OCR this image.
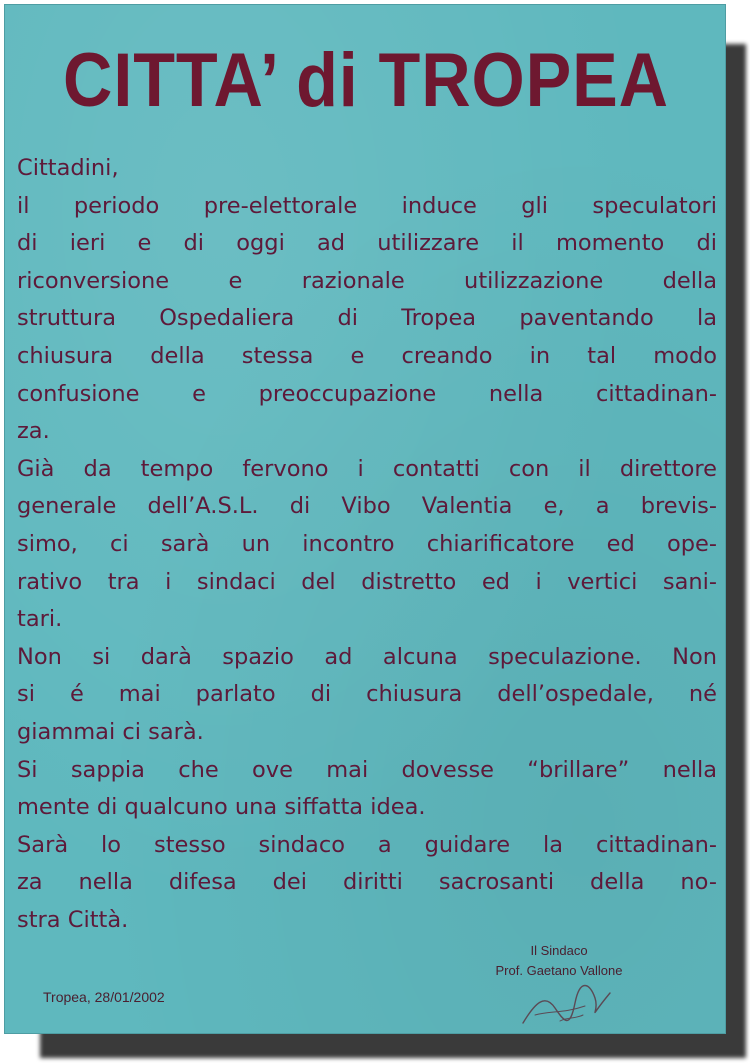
CITTA’ di TROPEA
Cittadini,
il periodo pre-elettorale induce gli speculatori
di ieri e di oggi ad utilizzare il momento di
riconversione e razionale utilizzazione della
struttura Ospedaliera di Tropea paventando la
chiusura della stessa e creando in tal modo
confusione e preoccupazione nella cittadinan-
za.
Già da tempo fervono i contatti con il direttore
generale dell’A.S.L. di Vibo Valentia e, a brevis-
simo, ci sarà un incontro chiarificatore ed ope-
rativo tra i sindaci del distretto ed i vertici sani-
tari.
Non si darà spazio ad alcuna speculazione. Non
si é mai parlato di chiusura dell’ospedale, né
giammai ci sarà.
Si sappia che ove mai dovesse “brillare” nella
mente di qualcuno una siffatta idea.
Sarà lo stesso sindaco a guidare la cittadinan-
za nella difesa dei diritti sacrosanti della no-
stra Città.
Il Sindaco
Prof. Gaetano Vallone
Tropea, 28/01/2002
